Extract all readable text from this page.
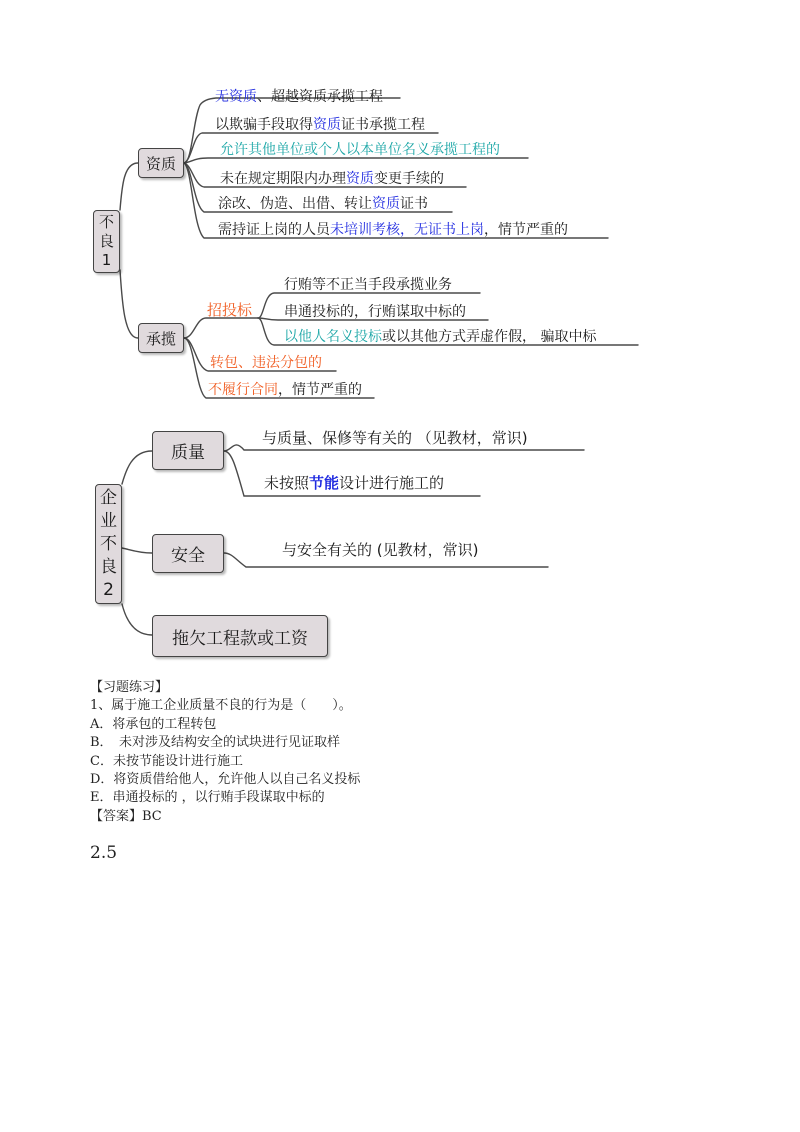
不良1
资质
无资质、超越资质承揽工程
以欺骗手段取得资质证书承揽工程
允许其他单位或个人以本单位名义承揽工程的
未在规定期限内办理资质变更手续的
涂改、伪造、出借、转让资质证书
需持证上岗的人员未培训考核，无证书上岗，情节严重的
承揽
招投标
行贿等不正当手段承揽业务
串通投标的，行贿谋取中标的
以他人名义投标或以其他方式弄虚作假， 骗取中标
转包、违法分包的
不履行合同，情节严重的
企业不良2
质量
与质量、保修等有关的 （见教材，常识)
未按照节能设计进行施工的
安全	与安全有关的 (见教材，常识)
拖欠工程款或工资
【习题练习】
1、属于施工企业质量不良的行为是（　　）。
A．将承包的工程转包
B．　未对涉及结构安全的试块进行见证取样
C．未按节能设计进行施工
D．将资质借给他人，允许他人以自己名义投标
E．串通投标的 ，以行贿手段谋取中标的
【答案】BC
2.5
